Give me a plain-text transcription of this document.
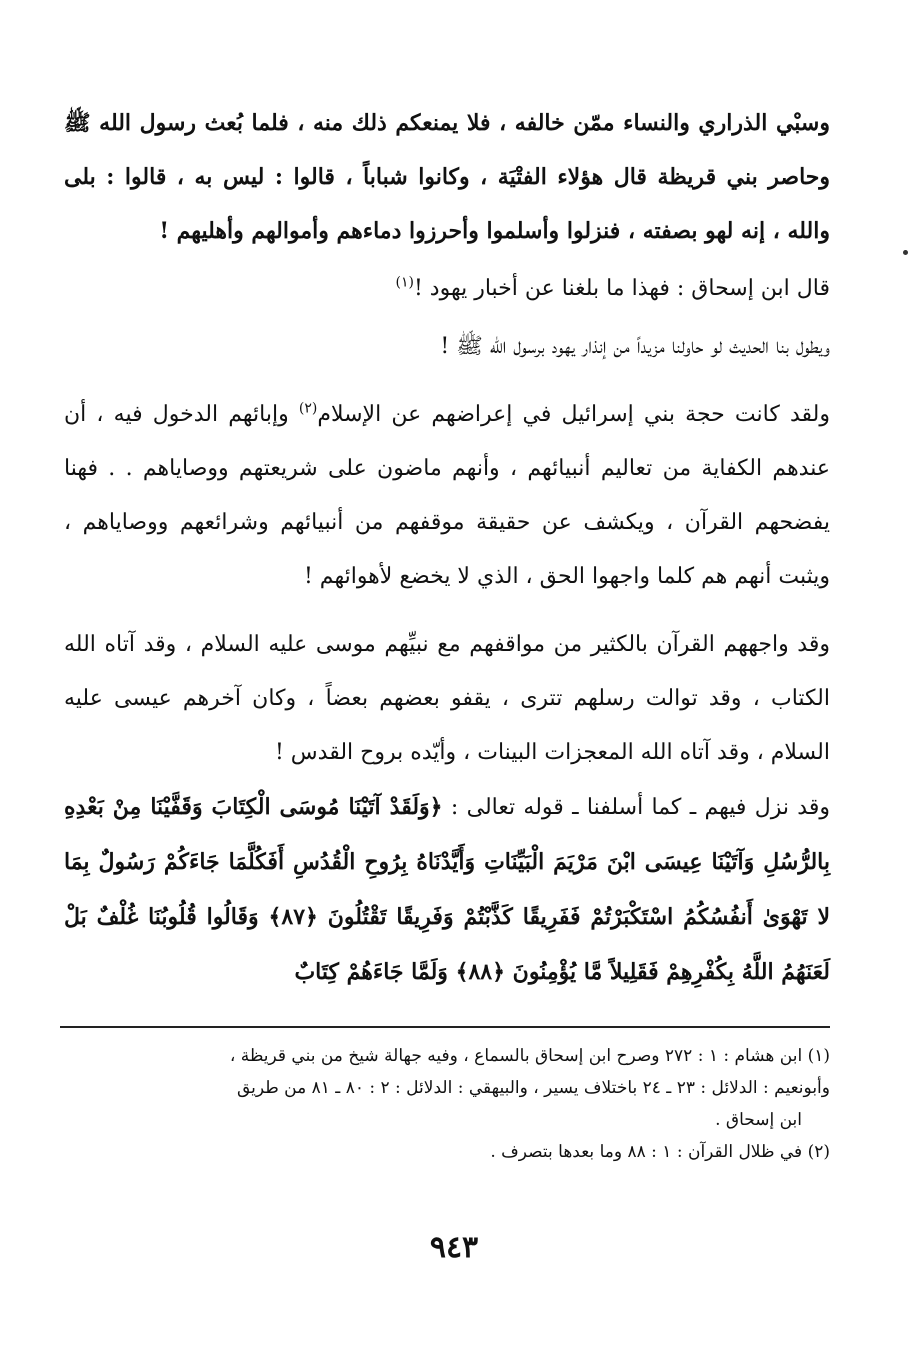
وسبْي الذراري والنساء ممّن خالفه ، فلا يمنعكم ذلك منه ، فلما بُعث رسول الله ﷺ وحاصر بني قريظة قال هؤلاء الفتْيَة ، وكانوا شباباً ، قالوا : ليس به ، قالوا : بلى والله ، إنه لهو بصفته ، فنزلوا وأسلموا وأحرزوا دماءهم وأموالهم وأهليهم !

قال ابن إسحاق : فهذا ما بلغنا عن أخبار يهود !$^{(١)}$

ويطول بنا الحديث لو حاولنا مزيداً من إنذار يهود برسول الله ﷺ !

ولقد كانت حجة بني إسرائيل في إعراضهم عن الإسلام$^{(٢)}$ وإبائهم الدخول فيه ، أن عندهم الكفاية من تعاليم أنبيائهم ، وأنهم ماضون على شريعتهم ووصاياهم . . فهنا يفضحهم القرآن ، ويكشف عن حقيقة موقفهم من أنبيائهم وشرائعهم ووصاياهم ، ويثبت أنهم هم كلما واجهوا الحق ، الذي لا يخضع لأهوائهم !

وقد واجههم القرآن بالكثير من مواقفهم مع نبيِّهم موسى عليه السلام ، وقد آتاه الله الكتاب ، وقد توالت رسلهم تترى ، يقفو بعضهم بعضاً ، وكان آخرهم عيسى عليه السلام ، وقد آتاه الله المعجزات البينات ، وأيّده بروح القدس !

وقد نزل فيهم ـ كما أسلفنا ـ قوله تعالى : ﴿وَلَقَدْ آتَيْنَا مُوسَى الْكِتَابَ وَقَفَّيْنَا مِنْ بَعْدِهِ بِالرُّسُلِ وَآتَيْنَا عِيسَى ابْنَ مَرْيَمَ الْبَيِّنَاتِ وَأَيَّدْنَاهُ بِرُوحِ الْقُدُسِ أَفَكُلَّمَا جَاءَكُمْ رَسُولٌ بِمَا لا تَهْوَىٰ أَنفُسُكُمُ اسْتَكْبَرْتُمْ فَفَرِيقًا كَذَّبْتُمْ وَفَرِيقًا تَقْتُلُونَ ﴿٨٧﴾ وَقَالُوا قُلُوبُنَا غُلْفٌ بَلْ لَعَنَهُمُ اللَّهُ بِكُفْرِهِمْ فَقَلِيلاً مَّا يُؤْمِنُونَ ﴿٨٨﴾ وَلَمَّا جَاءَهُمْ كِتَابٌ

(١) ابن هشام : ١ : ٢٧٢ وصرح ابن إسحاق بالسماع ، وفيه جهالة شيخ من بني قريظة ،

وأبونعيم : الدلائل : ٢٣ ـ ٢٤ باختلاف يسير ، والبيهقي : الدلائل : ٢ : ٨٠ ـ ٨١ من طريق

ابن إسحاق .

(٢) في ظلال القرآن : ١ : ٨٨ وما بعدها بتصرف .

٩٤٣
